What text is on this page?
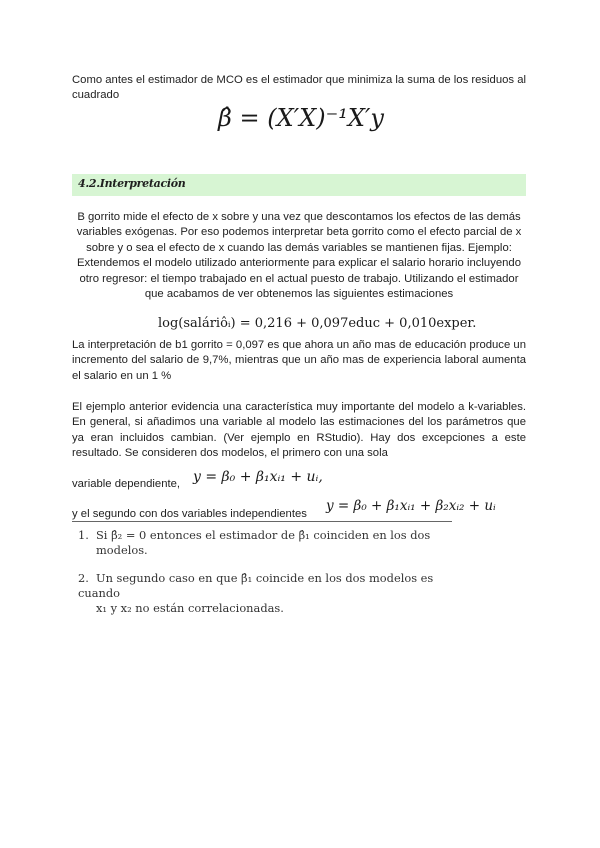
Como antes el estimador de MCO es el estimador que minimiza la suma de los residuos al cuadrado
β̂ = (X′X)⁻¹X′y
4.2.Interpretación
B gorrito mide el efecto de x sobre y una vez que descontamos los efectos de las demás variables exógenas. Por eso podemos interpretar beta gorrito como el efecto parcial de x sobre y o sea el efecto de x cuando las demás variables se mantienen fijas. Ejemplo: Extendemos el modelo utilizado anteriormente para explicar el salario horario incluyendo otro regresor: el tiempo trabajado en el actual puesto de trabajo. Utilizando el estimador que acabamos de ver obtenemos las siguientes estimaciones
log(saláriôᵢ) = 0,216 + 0,097educ + 0,010exper.
La interpretación de b1 gorrito = 0,097 es que ahora un año mas de educación produce un incremento del salario de 9,7%, mientras que un año mas de experiencia laboral aumenta el salario en un 1 %
El ejemplo anterior evidencia una característica muy importante del modelo a k-variables. En general, si añadimos una variable al modelo las estimaciones del los parámetros que ya eran incluidos cambian. (Ver ejemplo en RStudio). Hay dos excepciones a este resultado. Se consideren dos modelos, el primero con una sola
variable dependiente, y = β₀ + β₁xᵢ₁ + uᵢ,
y el segundo con dos variables independientes y = β₀ + β₁xᵢ₁ + β₂xᵢ₂ + uᵢ
1. Si β̂₂ = 0 entonces el estimador de β̂₁ coinciden en los dos
modelos.
2. Un segundo caso en que β̂₁ coincide en los dos modelos es cuando
x₁ y x₂ no están correlacionadas.
